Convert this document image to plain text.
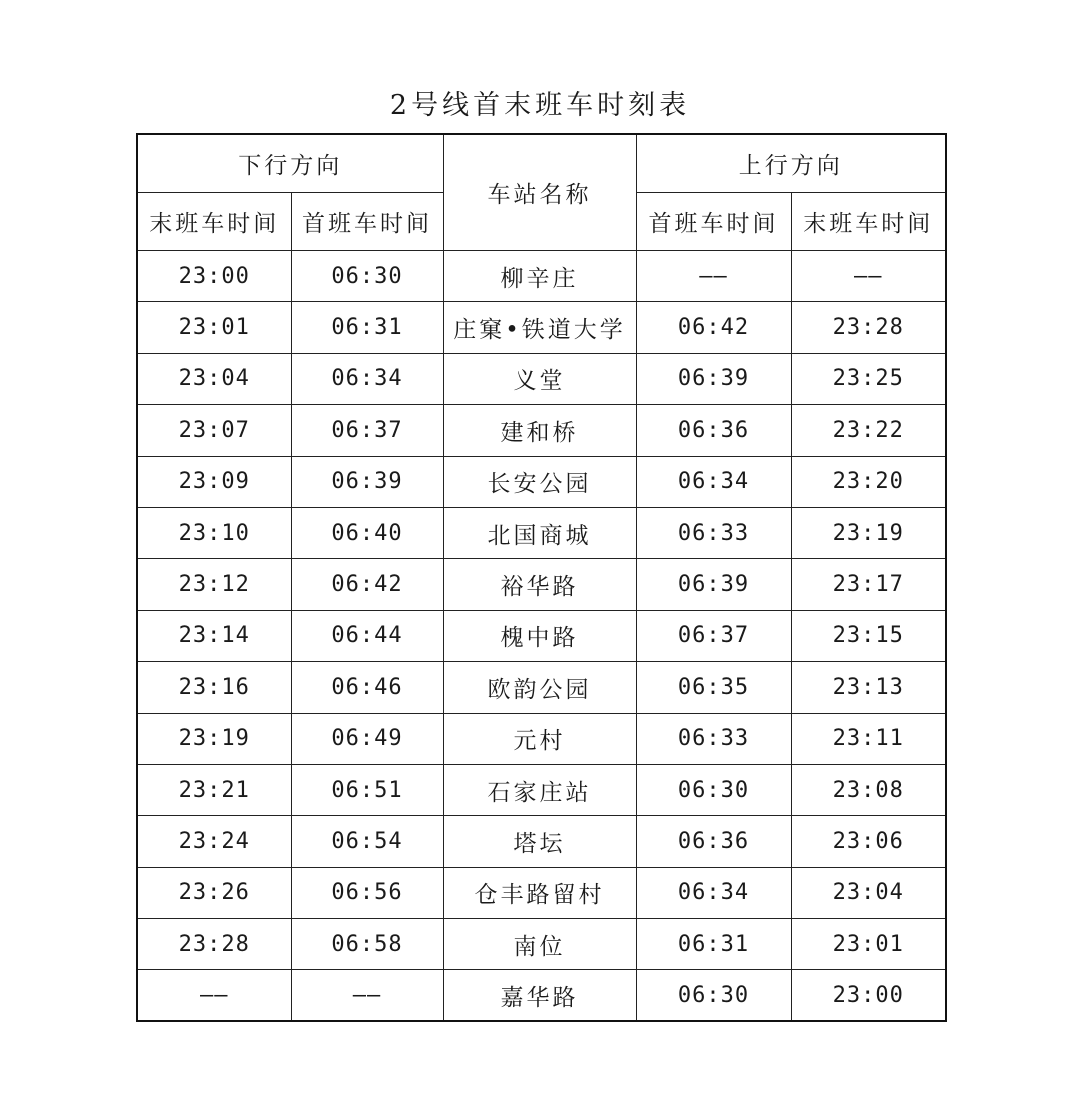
2号线首末班车时刻表
下行方向		车站名称	上行方向	
末班车时间	首班车时间		首班车时间	末班车时间
23:00	06:30	柳辛庄	——	——
23:01	06:31	庄窠•铁道大学	06:42	23:28
23:04	06:34	义堂	06:39	23:25
23:07	06:37	建和桥	06:36	23:22
23:09	06:39	长安公园	06:34	23:20
23:10	06:40	北国商城	06:33	23:19
23:12	06:42	裕华路	06:39	23:17
23:14	06:44	槐中路	06:37	23:15
23:16	06:46	欧韵公园	06:35	23:13
23:19	06:49	元村	06:33	23:11
23:21	06:51	石家庄站	06:30	23:08
23:24	06:54	塔坛	06:36	23:06
23:26	06:56	仓丰路留村	06:34	23:04
23:28	06:58	南位	06:31	23:01
——	——	嘉华路	06:30	23:00
